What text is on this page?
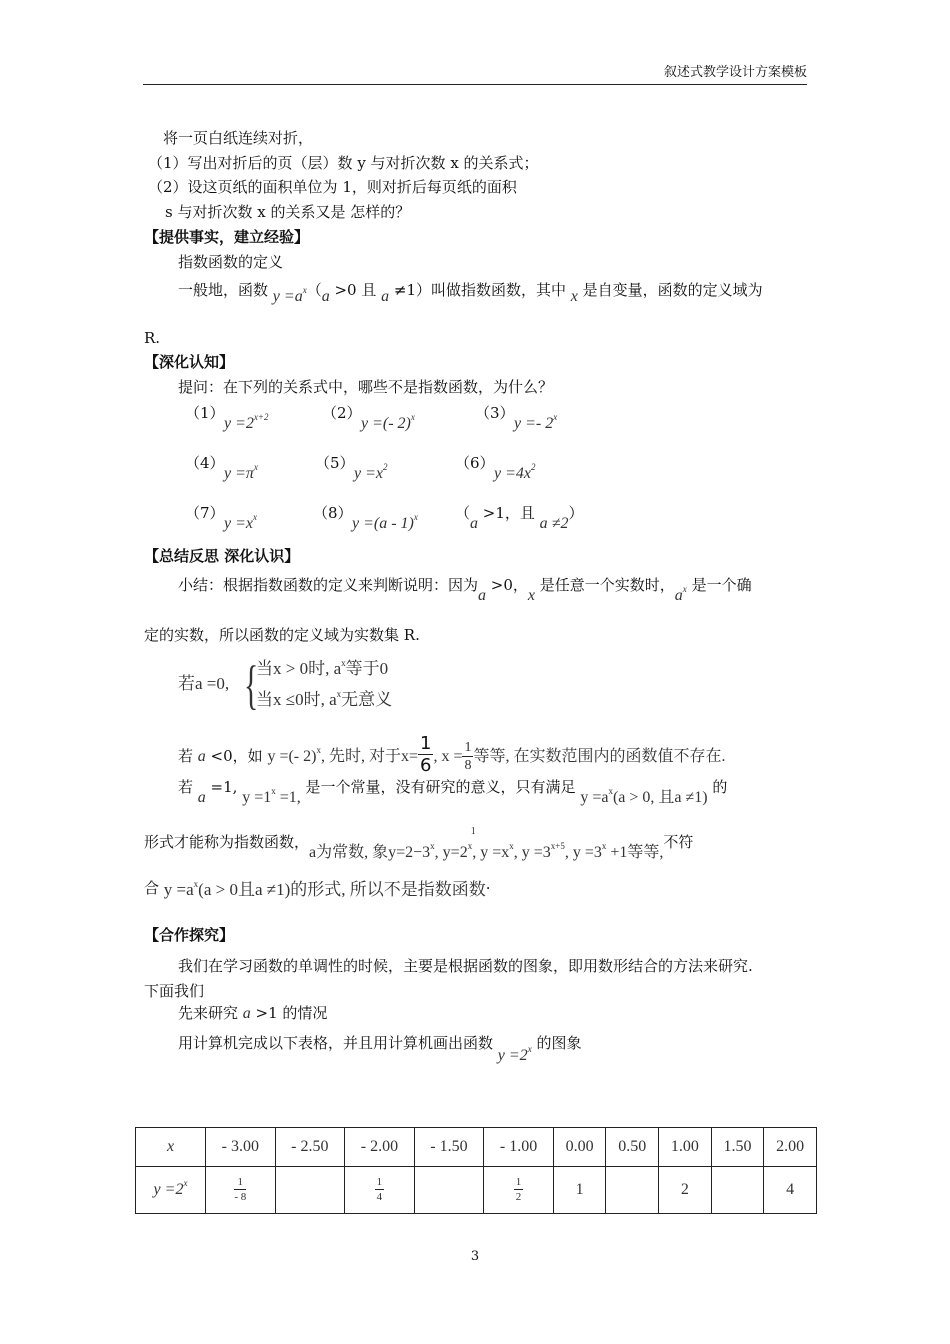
叙述式教学设计方案模板
将一页白纸连续对折，
（1）写出对折后的页（层）数 y 与对折次数 x 的关系式；
（2）设这页纸的面积单位为 1，则对折后每页纸的面积
s 与对折次数 x 的关系又是 怎样的？
【提供事实，建立经验】
指数函数的定义
一般地，函数 $y =a^x(a >0$ 且 a ≠1）叫做指数函数，其中 x 是自变量，函数的定义域为
R.
【深化认知】
提问：在下列的关系式中，哪些不是指数函数，为什么？
（1）
$y =2^{x+2}$	（2）
y =(- 2)$^x$	（3）
y =- 2$^x$
（4）
$y =\pi^x$	（5）
$y =x^2$	（6）
$y =4x^2$
（7）
$y =x^x$	（8）
y =(a - 1)$^x$ （a >1，且 a ≠2）
【总结反思 深化认识】
小结：根据指数函数的定义来判断说明：因为a >0，x 是任意一个实数时，$a^x$ 是一个确
定的实数，所以函数的定义域为实数集 R.
若a =0, {
当x > 0时, $a^x$等于0
当x ≤0时, $a^x$无意义
若 a <0，如 y =(- 2)$^x$, 先时, 对于$x= \frac{1}{6}$ , $x = \frac{1}{8}$ 等等, 在实数范围内的函数值不存在.
若 a =1, $y =1^x =1$, 是一个常量，没有研究的意义，只有满足 $y =a^x(a > 0$, 且a ≠1) 的
形式才能称为指数函数，a为常数, 象$y=2-3^x$, y=2
1
$^x$, $y =x^x$, $y =3^{x+5}$, $y =3^x +1$等等,不符
合 $y =a^x(a > 0$且a ≠1)的形式, 所以不是指数函数·
【合作探究】
我们在学习函数的单调性的时候，主要是根据函数的图象，即用数形结合的方法来研究.
下面我们
先来研究 a >1 的情况
用计算机完成以下表格，并且用计算机画出函数 $y =2^x$ 的图象
x	- 3.00	- 2.50	- 2.00	- 1.50	- 1.00	0.00	0.50	1.00	1.50	2.00
$y =2^x$	$\frac{1}{- 8}$		$\frac{1}{4}$		$\frac{1}{2}$	1		2		4
3
